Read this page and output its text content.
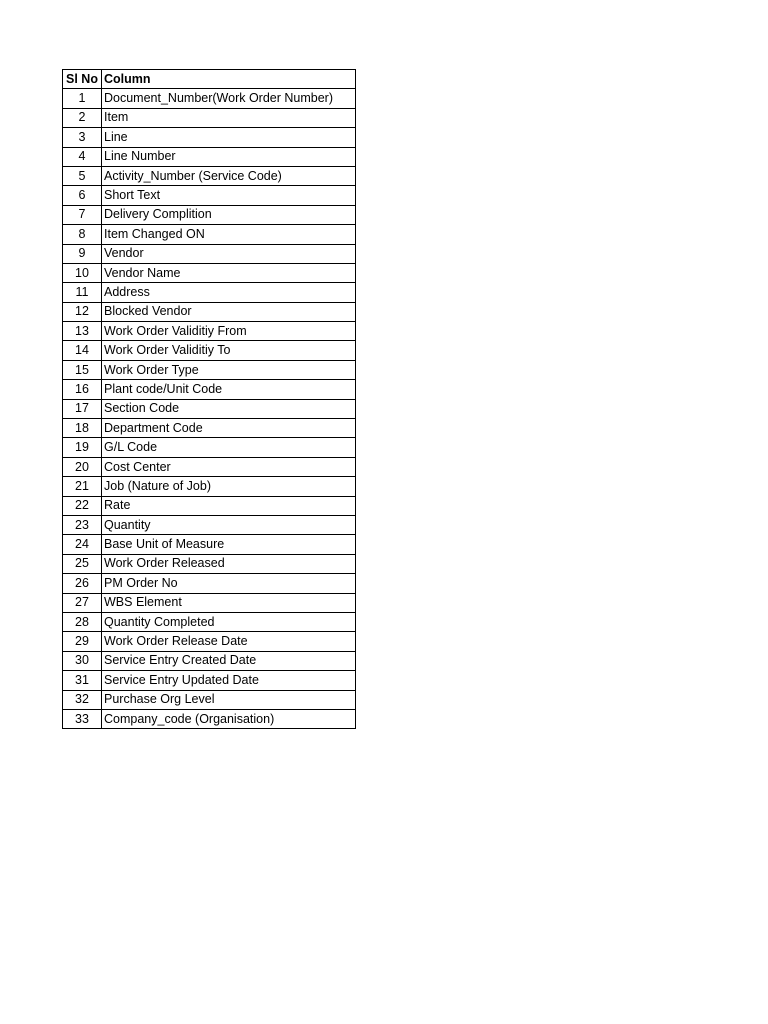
Sl No	Column
1	Document_Number(Work Order Number)
2	Item
3	Line
4	Line Number
5	Activity_Number (Service Code)
6	Short Text
7	Delivery Complition
8	Item Changed ON
9	Vendor
10	Vendor Name
11	Address
12	Blocked Vendor
13	Work Order Validitiy From
14	Work Order Validitiy To
15	Work Order Type
16	Plant code/Unit Code
17	Section Code
18	Department Code
19	G/L Code
20	Cost Center
21	Job (Nature of Job)
22	Rate
23	Quantity
24	Base Unit of Measure
25	Work Order Released
26	PM Order No
27	WBS Element
28	Quantity Completed
29	Work Order Release Date
30	Service Entry Created Date
31	Service Entry Updated Date
32	Purchase Org Level
33	Company_code (Organisation)
